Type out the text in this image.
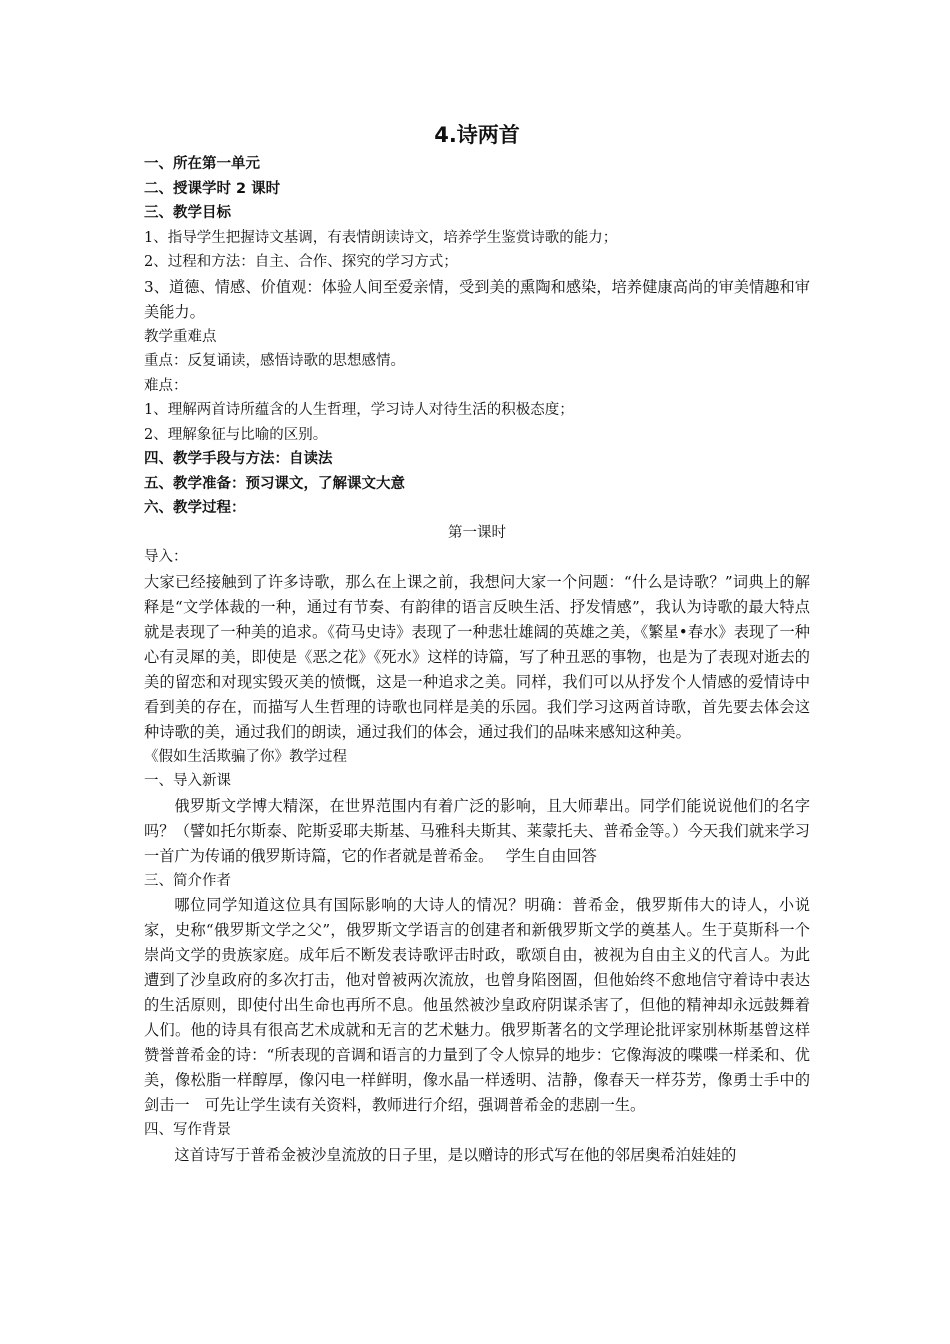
4.诗两首

一、所在第一单元

二、授课学时 2 课时

三、教学目标

1、指导学生把握诗文基调，有表情朗读诗文，培养学生鉴赏诗歌的能力；

2、过程和方法：自主、合作、探究的学习方式；

3、道德、情感、价值观：体验人间至爱亲情，受到美的熏陶和感染，培养健康高尚的审美情趣和审美能力。

教学重难点

重点：反复诵读，感悟诗歌的思想感情。

难点：

1、理解两首诗所蕴含的人生哲理，学习诗人对待生活的积极态度；

2、理解象征与比喻的区别。

四、教学手段与方法：自读法

五、教学准备：预习课文，了解课文大意

六、教学过程：

第一课时

导入：

大家已经接触到了许多诗歌，那么在上课之前，我想问大家一个问题：“什么是诗歌？”词典上的解释是“文学体裁的一种，通过有节奏、有韵律的语言反映生活、抒发情感”，我认为诗歌的最大特点就是表现了一种美的追求。《荷马史诗》表现了一种悲壮雄阔的英雄之美，《繁星•春水》表现了一种心有灵犀的美，即使是《恶之花》《死水》这样的诗篇，写了种丑恶的事物，也是为了表现对逝去的美的留恋和对现实毁灭美的愤慨，这是一种追求之美。同样，我们可以从抒发个人情感的爱情诗中看到美的存在，而描写人生哲理的诗歌也同样是美的乐园。我们学习这两首诗歌，首先要去体会这种诗歌的美，通过我们的朗读，通过我们的体会，通过我们的品味来感知这种美。

《假如生活欺骗了你》教学过程

一、导入新课

俄罗斯文学博大精深，在世界范围内有着广泛的影响，且大师辈出。同学们能说说他们的名字吗？（譬如托尔斯泰、陀斯妥耶夫斯基、马雅科夫斯其、莱蒙托夫、普希金等。）今天我们就来学习一首广为传诵的俄罗斯诗篇，它的作者就是普希金。　 学生自由回答

三、简介作者

哪位同学知道这位具有国际影响的大诗人的情况？明确：普希金，俄罗斯伟大的诗人，小说家，史称“俄罗斯文学之父”，俄罗斯文学语言的创建者和新俄罗斯文学的奠基人。生于莫斯科一个崇尚文学的贵族家庭。成年后不断发表诗歌评击时政，歌颂自由，被视为自由主义的代言人。为此遭到了沙皇政府的多次打击，他对曾被两次流放，也曾身陷囹圄，但他始终不愈地信守着诗中表达的生活原则，即使付出生命也再所不息。他虽然被沙皇政府阴谋杀害了，但他的精神却永远鼓舞着人们。他的诗具有很高艺术成就和无言的艺术魅力。俄罗斯著名的文学理论批评家别林斯基曾这样赞誉普希金的诗：“所表现的音调和语言的力量到了令人惊异的地步：它像海波的喋喋一样柔和、优美，像松脂一样醇厚，像闪电一样鲜明，像水晶一样透明、洁静，像春天一样芬芳，像勇士手中的剑击一　可先让学生读有关资料，教师进行介绍，强调普希金的悲剧一生。

四、写作背景

这首诗写于普希金被沙皇流放的日子里，是以赠诗的形式写在他的邻居奥希泊娃娃的
